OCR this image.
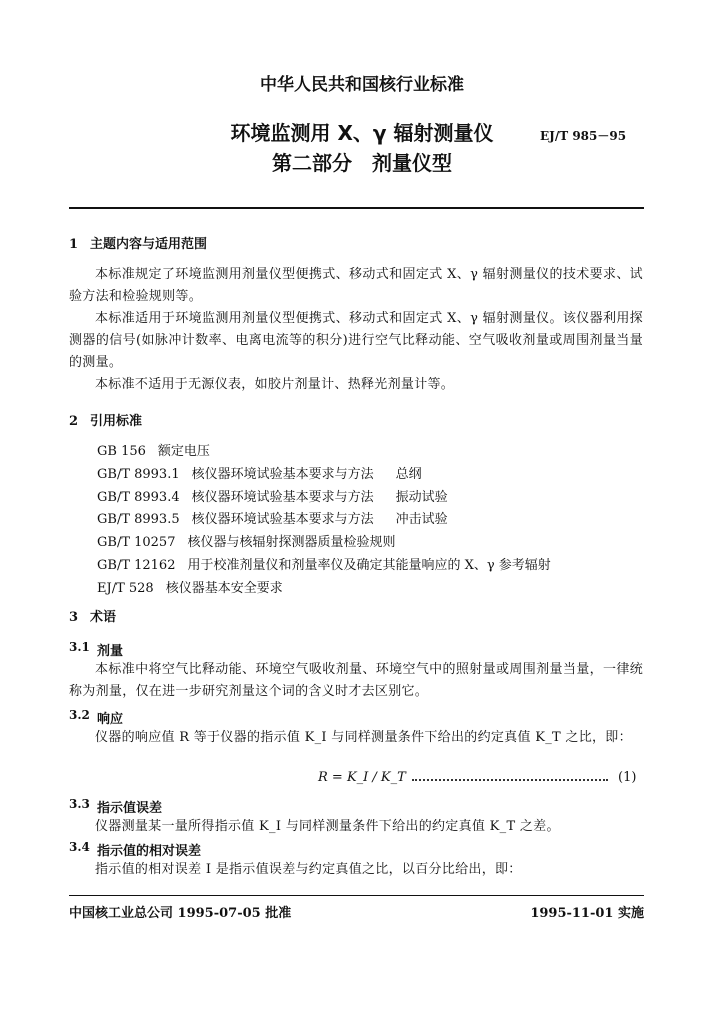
中华人民共和国核行业标准
环境监测用 X、γ 辐射测量仪
第二部分　剂量仪型
EJ/T 985－95
1 主题内容与适用范围

本标准规定了环境监测用剂量仪型便携式、移动式和固定式 X、γ 辐射测量仪的技术要求、试验方法和检验规则等。

本标准适用于环境监测用剂量仪型便携式、移动式和固定式 X、γ 辐射测量仪。该仪器利用探测器的信号(如脉冲计数率、电离电流等的积分)进行空气比释动能、空气吸收剂量或周围剂量当量的测量。

本标准不适用于无源仪表，如胶片剂量计、热释光剂量计等。

2 引用标准
GB 156 额定电压
GB/T 8993.1 核仪器环境试验基本要求与方法 总纲
GB/T 8993.4 核仪器环境试验基本要求与方法 振动试验
GB/T 8993.5 核仪器环境试验基本要求与方法 冲击试验
GB/T 10257 核仪器与核辐射探测器质量检验规则
GB/T 12162 用于校准剂量仪和剂量率仪及确定其能量响应的 X、γ 参考辐射
EJ/T 528 核仪器基本安全要求
3 术语
3.1 剂量

本标准中将空气比释动能、环境空气吸收剂量、环境空气中的照射量或周围剂量当量，一律统称为剂量，仅在进一步研究剂量这个词的含义时才去区别它。

3.2 响应

仪器的响应值 R 等于仪器的指示值 K_I 与同样测量条件下给出的约定真值 K_T 之比，即：

R = K_I / K_T	(1)
3.3 指示值误差

仪器测量某一量所得指示值 K_I 与同样测量条件下给出的约定真值 K_T 之差。

3.4 指示值的相对误差

指示值的相对误差 I 是指示值误差与约定真值之比，以百分比给出，即：

中国核工业总公司 1995-07-05 批准	1995-11-01 实施
